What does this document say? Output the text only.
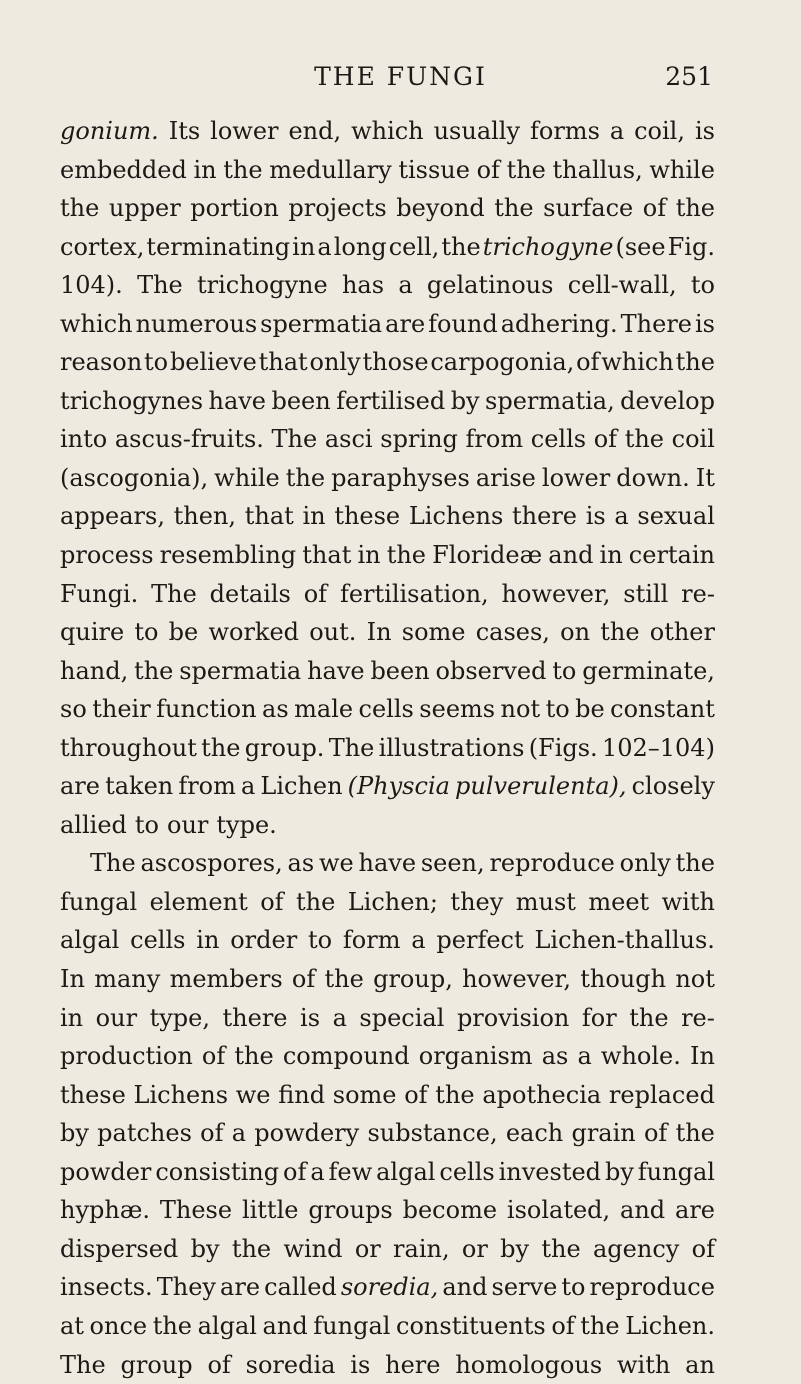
THE FUNGI	251
gonium. Its lower end, which usually forms a coil, is
embedded in the medullary tissue of the thallus, while
the upper portion projects beyond the surface of the
cortex, terminating in a long cell, the trichogyne (see Fig.
104). The trichogyne has a gelatinous cell-wall, to
which numerous spermatia are found adhering. There is
reason to believe that only those carpogonia, of which the
trichogynes have been fertilised by spermatia, develop
into ascus-fruits. The asci spring from cells of the coil
(ascogonia), while the paraphyses arise lower down. It
appears, then, that in these Lichens there is a sexual
process resembling that in the Florideæ and in certain
Fungi. The details of fertilisation, however, still re-
quire to be worked out. In some cases, on the other
hand, the spermatia have been observed to germinate,
so their function as male cells seems not to be constant
throughout the group. The illustrations (Figs. 102–104)
are taken from a Lichen (Physcia pulverulenta), closely
allied to our type.
The ascospores, as we have seen, reproduce only the
fungal element of the Lichen; they must meet with
algal cells in order to form a perfect Lichen-thallus.
In many members of the group, however, though not
in our type, there is a special provision for the re-
production of the compound organism as a whole. In
these Lichens we find some of the apothecia replaced
by patches of a powdery substance, each grain of the
powder consisting of a few algal cells invested by fungal
hyphæ. These little groups become isolated, and are
dispersed by the wind or rain, or by the agency of
insects. They are called soredia, and serve to reproduce
at once the algal and fungal constituents of the Lichen.
The group of soredia is here homologous with an
